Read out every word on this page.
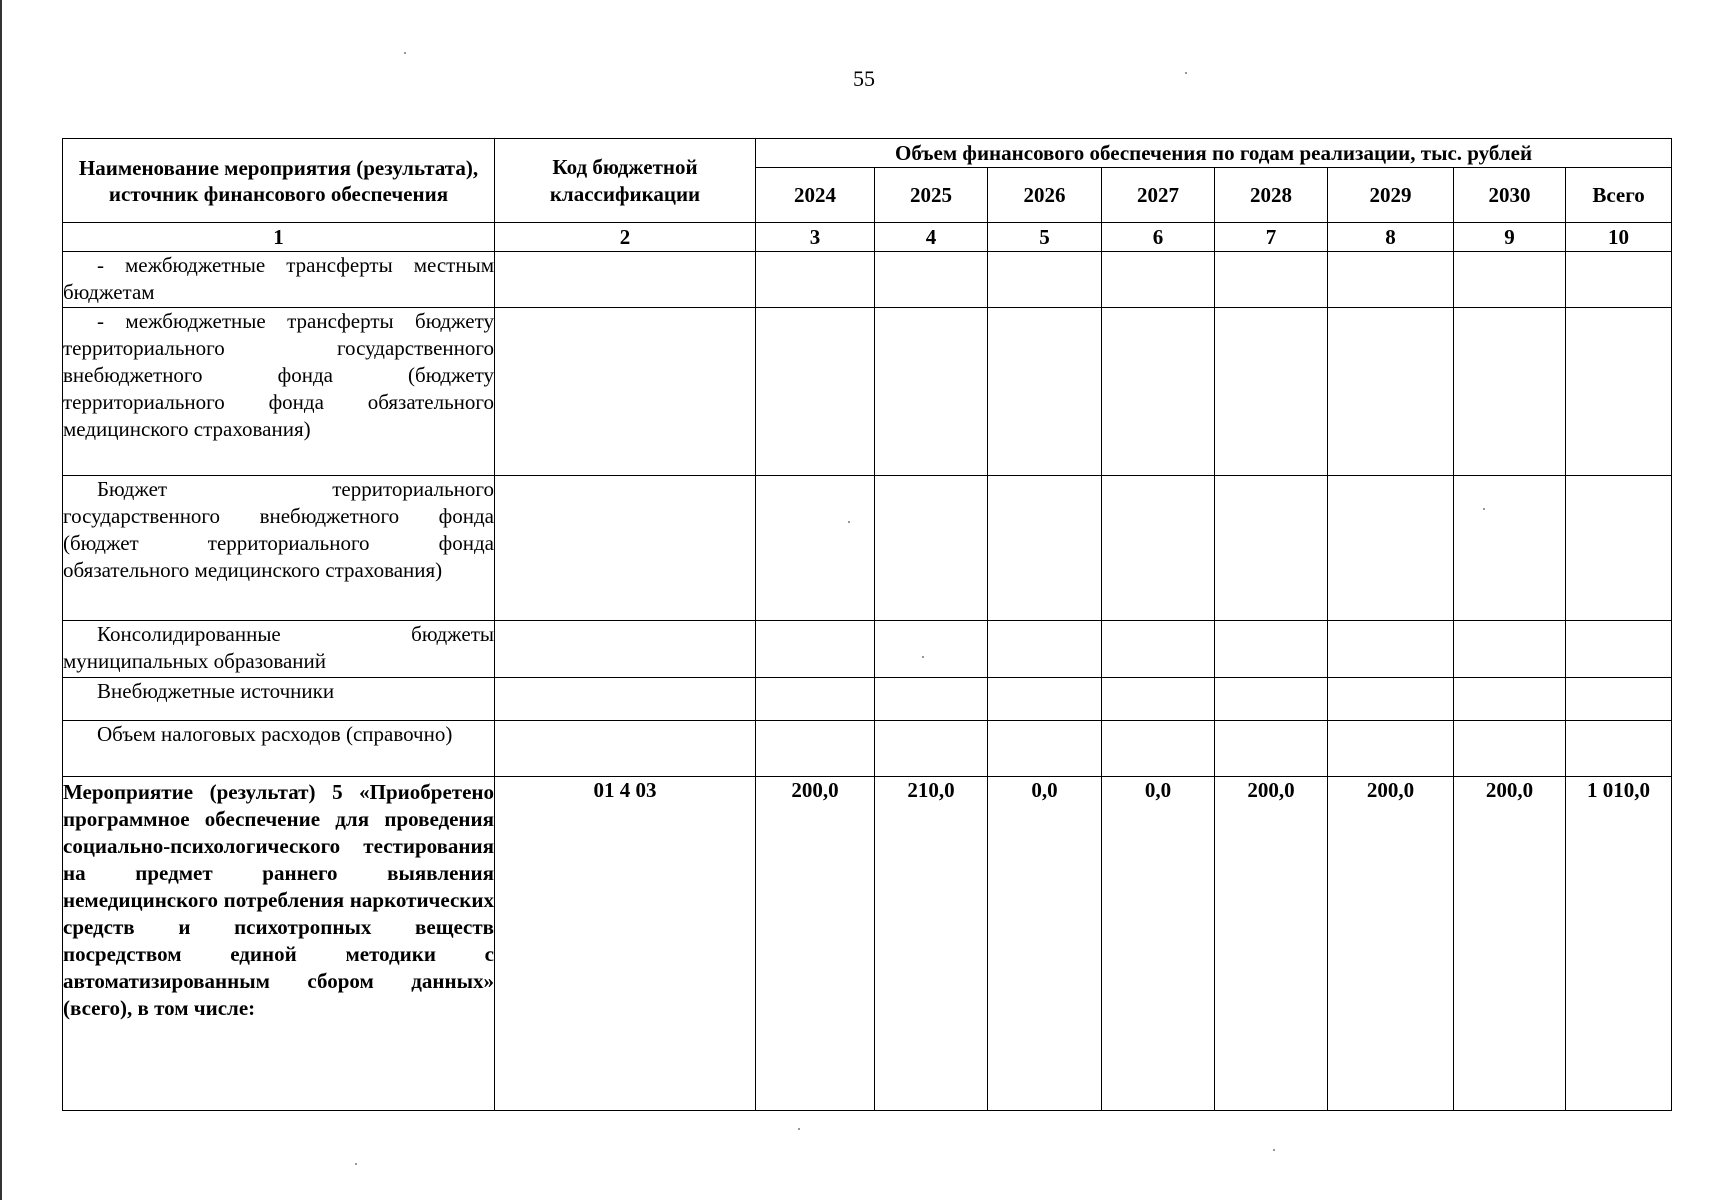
55
Наименование мероприятия (результата), источник финансового обеспечения	Код бюджетной классификации	Объем финансового обеспечения по годам реализации, тыс. рублей							
		2024	2025	2026	2027	2028	2029	2030	Всего
1	2	3	4	5	6	7	8	9	10

- межбюджетные трансферты местным бюджетам									

- межбюджетные трансферты бюджету территориального государственного внебюджетного фонда (бюджету территориального фонда обязательного медицинского страхования)									

Бюджет территориального государственного внебюджетного фонда (бюджет территориального фонда обязательного медицинского страхования)									

Консолидированные бюджеты муниципальных образований									

Внебюджетные источники									

Объем налоговых расходов (справочно)									

Мероприятие (результат) 5 «Приобретено программное обеспечение для проведения социально-психологического тестирования на предмет раннего выявления немедицинского потребления наркотических средств и психотропных веществ посредством единой методики с автоматизированным сбором данных» (всего), в том числе:	01 4 03	200,0	210,0	0,0	0,0	200,0	200,0	200,0	1 010,0
